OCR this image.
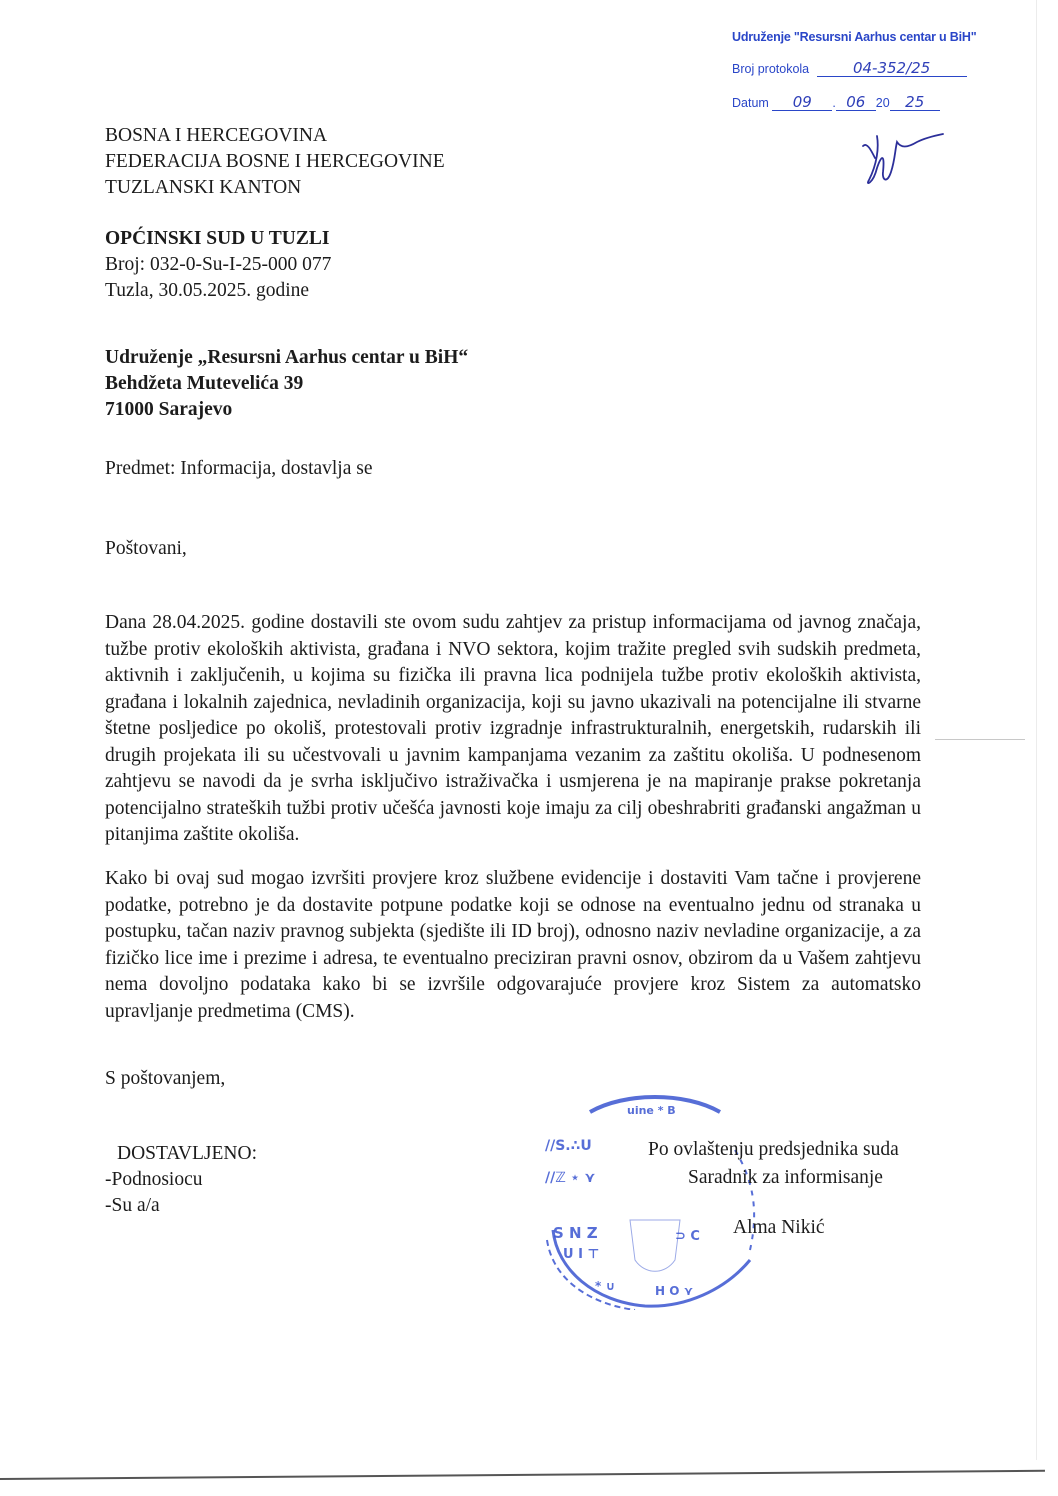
Udruženje "Resursni Aarhus centar u BiH"
Broj protokola	04-352/25
Datum 09 . 06 20 25
BOSNA I HERCEGOVINA
FEDERACIJA BOSNE I HERCEGOVINE
TUZLANSKI KANTON
OPĆINSKI SUD U TUZLI
Broj: 032-0-Su-I-25-000 077
Tuzla, 30.05.2025. godine
Udruženje „Resursni Aarhus centar u BiH“
Behdžeta Mutevelića 39
71000 Sarajevo
Predmet: Informacija, dostavlja se
Poštovani,
Dana 28.04.2025. godine dostavili ste ovom sudu zahtjev za pristup informacijama od javnog značaja, tužbe protiv ekoloških aktivista, građana i NVO sektora, kojim tražite pregled svih sudskih predmeta, aktivnih i zaključenih, u kojima su fizička ili pravna lica podnijela tužbe protiv ekoloških aktivista, građana i lokalnih zajednica, nevladinih organizacija, koji su javno ukazivali na potencijalne ili stvarne štetne posljedice po okoliš, protestovali protiv izgradnje infrastrukturalnih, energetskih, rudarskih ili drugih projekata ili su učestvovali u javnim kampanjama vezanim za zaštitu okoliša. U podnesenom zahtjevu se navodi da je svrha isključivo istraživačka i usmjerena je na mapiranje prakse pokretanja potencijalno strateških tužbi protiv učešća javnosti koje imaju za cilj obeshrabriti građanski angažman u pitanjima zaštite okoliša.
Kako bi ovaj sud mogao izvršiti provjere kroz službene evidencije i dostaviti Vam tačne i provjerene podatke, potrebno je da dostavite potpune podatke koji se odnose na eventualno jednu od stranaka u postupku, tačan naziv pravnog subjekta (sjedište ili ID broj), odnosno naziv nevladine organizacije, a za fizičko lice ime i prezime i adresa, te eventualno preciziran pravni osnov, obzirom da u Vašem zahtjevu nema dovoljno podataka kako bi se izvršile odgovarajuće provjere kroz Sistem za automatsko upravljanje predmetima (CMS).
S poštovanjem,
DOSTAVLJENO:
-Podnosiocu
-Su a/a
uine * B
//S.∴U
//ℤ ⋆ ⋎
S N Z
U I ⊤
⊃ C
* ∪	H O ⋎
Po ovlaštenju predsjednika suda
Saradnik za informisanje
Alma Nikić
